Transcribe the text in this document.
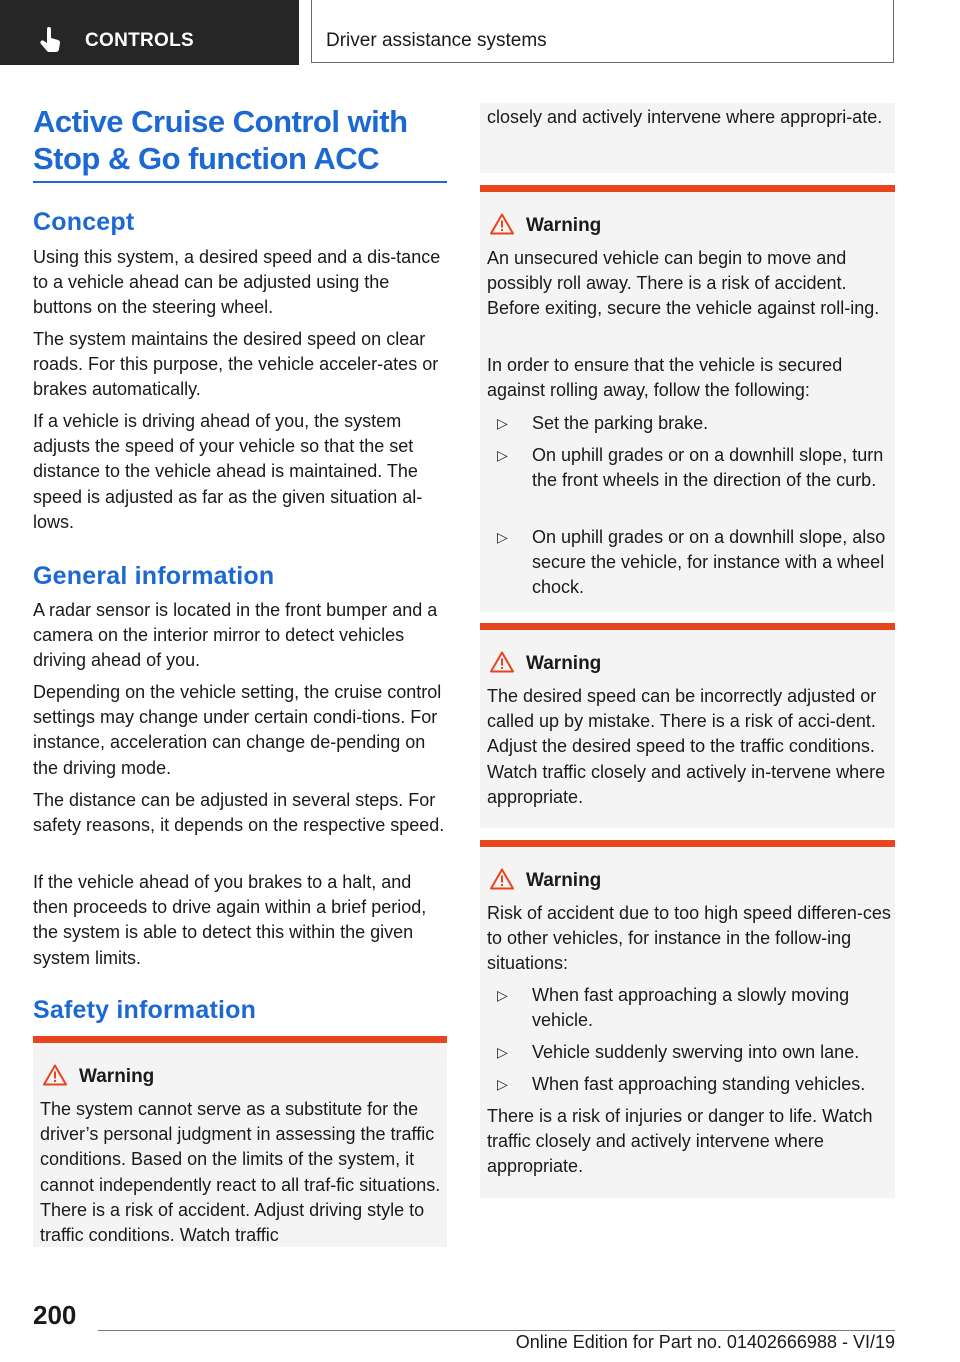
CONTROLS	Driver assistance systems
Active Cruise Control with Stop & Go function ACC
Concept

Using this system, a desired speed and a dis-tance to a vehicle ahead can be adjusted using the buttons on the steering wheel.

The system maintains the desired speed on clear roads. For this purpose, the vehicle acceler-ates or brakes automatically.

If a vehicle is driving ahead of you, the system adjusts the speed of your vehicle so that the set distance to the vehicle ahead is maintained. The speed is adjusted as far as the given situation al-lows.

General information

A radar sensor is located in the front bumper and a camera on the interior mirror to detect vehicles driving ahead of you.

Depending on the vehicle setting, the cruise control settings may change under certain condi-tions. For instance, acceleration can change de-pending on the driving mode.

The distance can be adjusted in several steps. For safety reasons, it depends on the respective speed.

If the vehicle ahead of you brakes to a halt, and then proceeds to drive again within a brief period, the system is able to detect this within the given system limits.

Safety information
Warning

The system cannot serve as a substitute for the driver’s personal judgment in assessing the traffic conditions. Based on the limits of the system, it cannot independently react to all traf-fic situations. There is a risk of accident. Adjust driving style to traffic conditions. Watch traffic

closely and actively intervene where appropri-ate.

Warning

An unsecured vehicle can begin to move and possibly roll away. There is a risk of accident. Before exiting, secure the vehicle against roll-ing.

In order to ensure that the vehicle is secured against rolling away, follow the following:

▷ Set the parking brake.
▷ On uphill grades or on a downhill slope, turn the front wheels in the direction of the curb.
▷ On uphill grades or on a downhill slope, also secure the vehicle, for instance with a wheel chock.
Warning

The desired speed can be incorrectly adjusted or called up by mistake. There is a risk of acci-dent. Adjust the desired speed to the traffic conditions. Watch traffic closely and actively in-tervene where appropriate.

Warning

Risk of accident due to too high speed differen-ces to other vehicles, for instance in the follow-ing situations:

▷ When fast approaching a slowly moving vehicle.
▷ Vehicle suddenly swerving into own lane.
▷ When fast approaching standing vehicles.

There is a risk of injuries or danger to life. Watch traffic closely and actively intervene where appropriate.

200
Online Edition for Part no. 01402666988 - VI/19
